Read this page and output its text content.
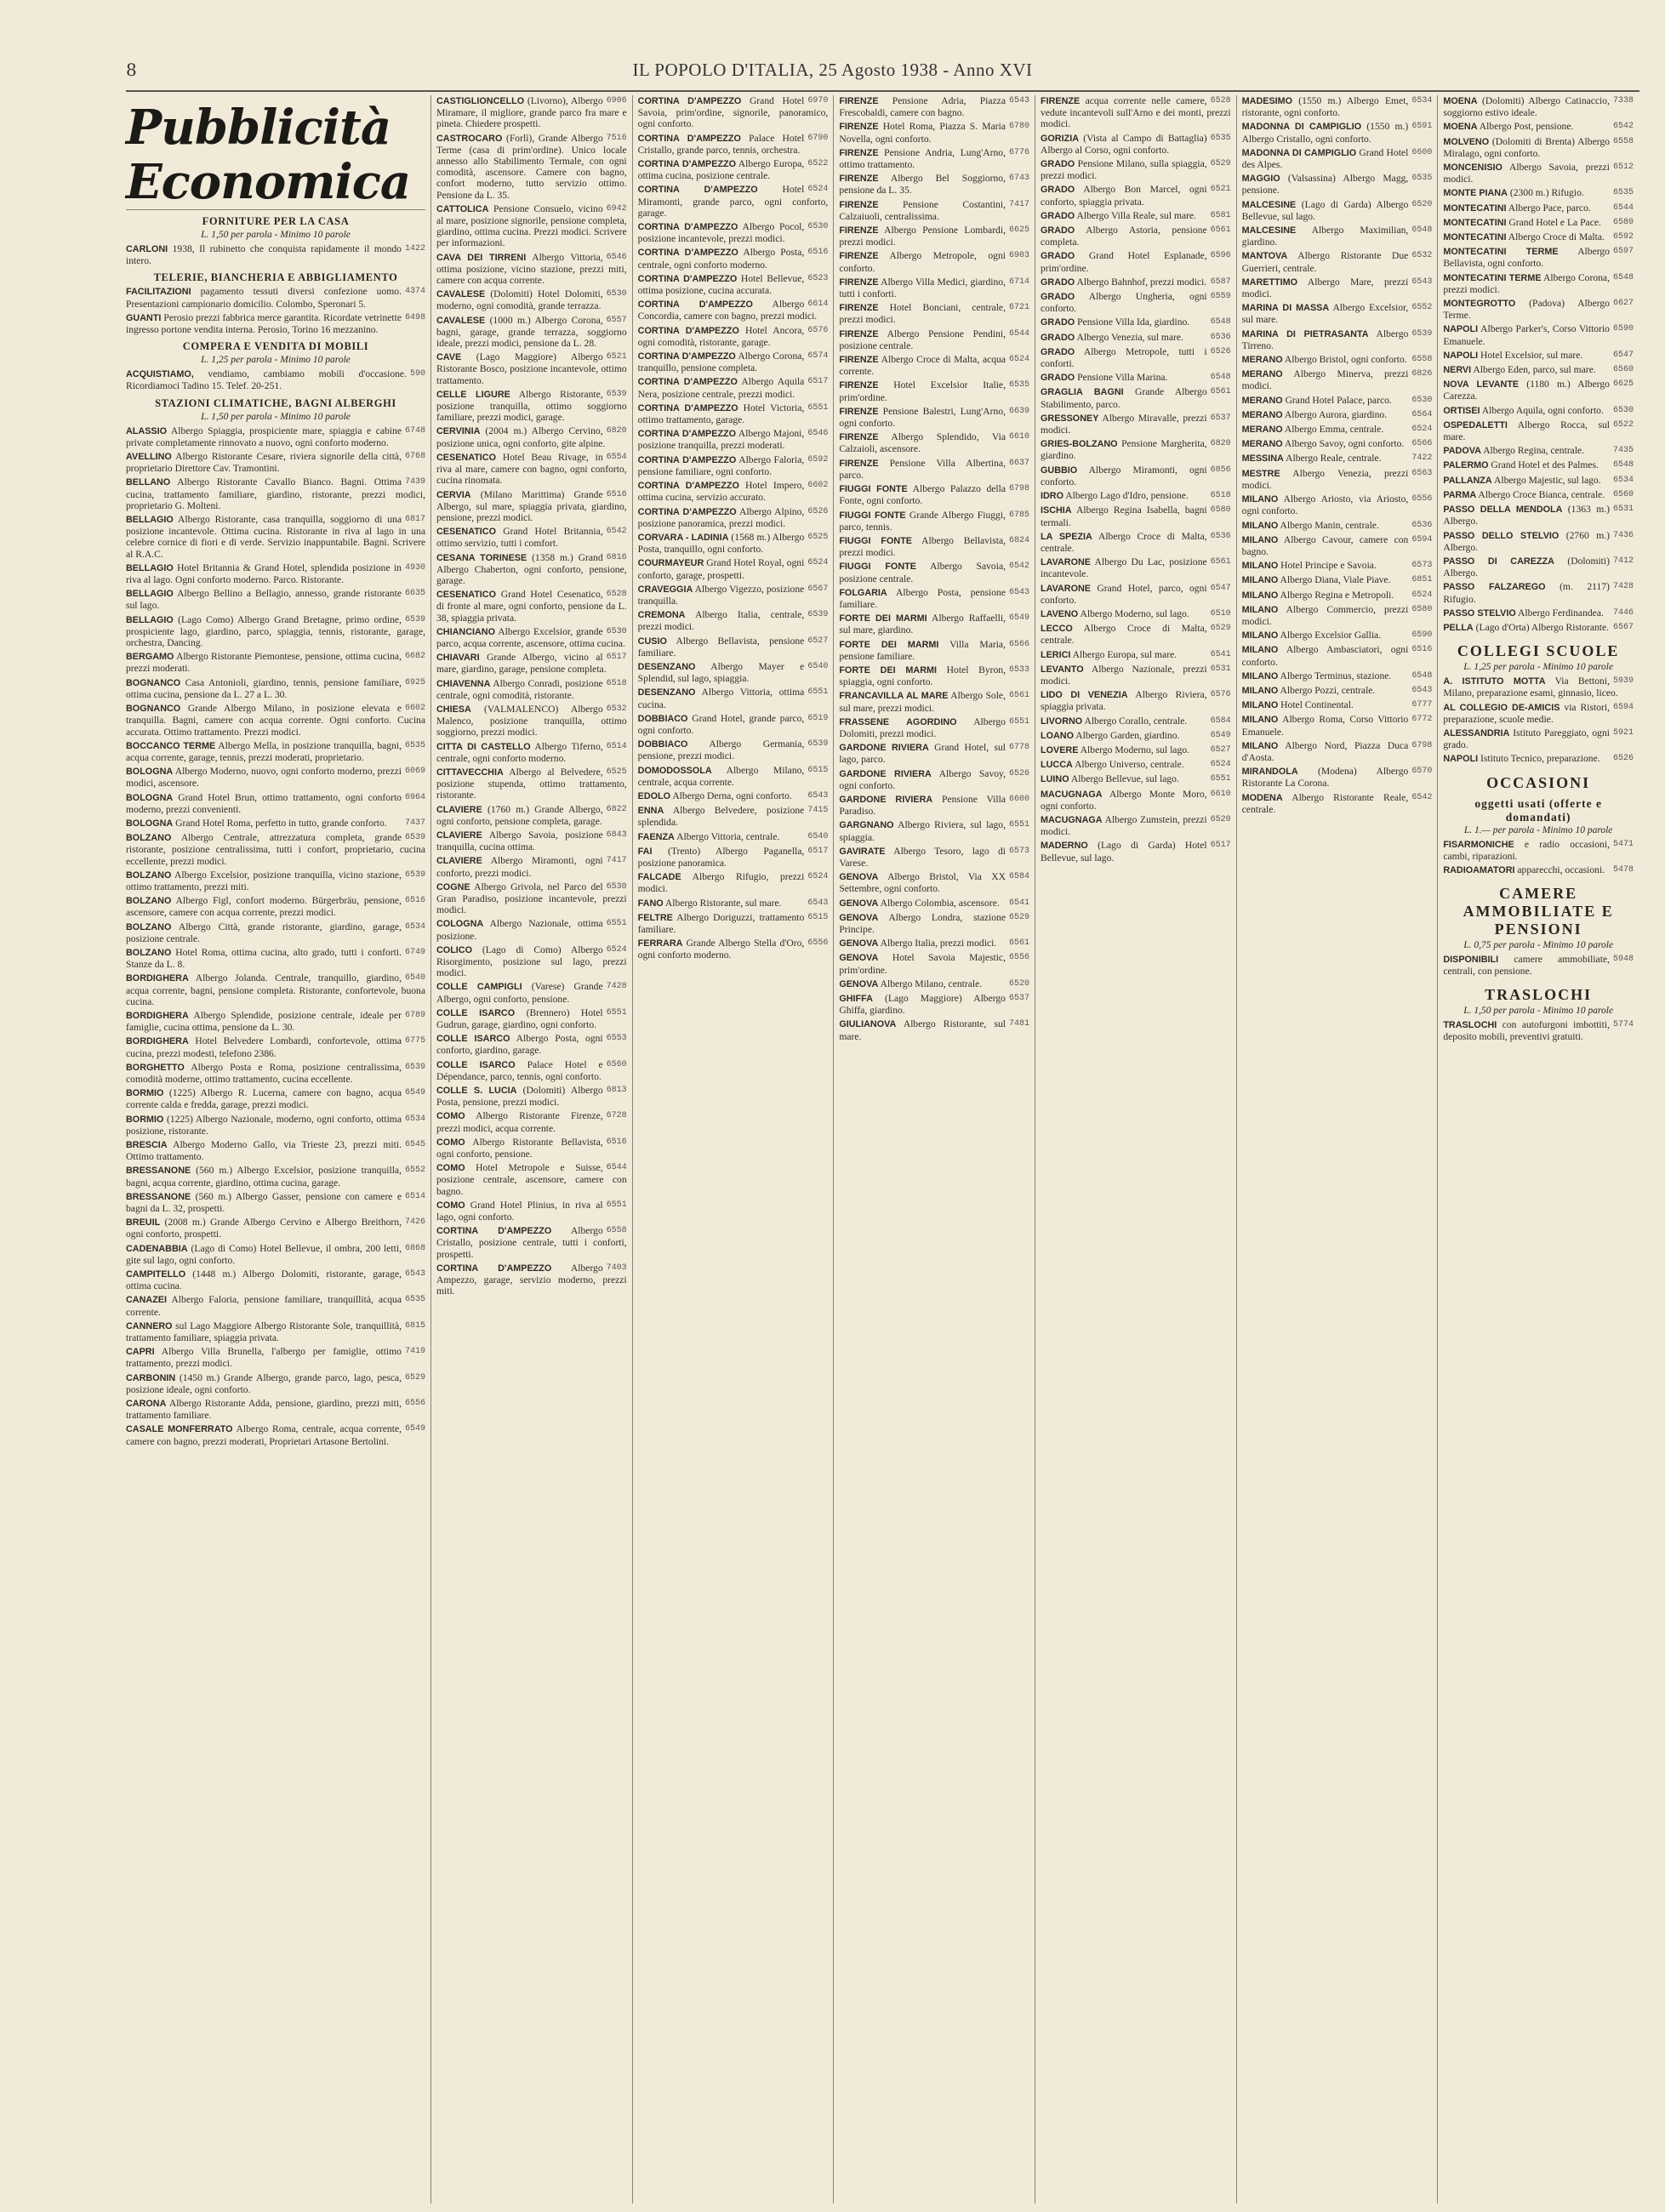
8	IL POPOLO D'ITALIA, 25 Agosto 1938 - Anno XVI
Pubblicità Economica
FORNITURE PER LA CASA
L. 1,50 per parola - Minimo 10 parole

1422
CARLONI 1938, Il rubinetto che conquista rapidamente il mondo intero.

TELERIE, BIANCHERIA E ABBIGLIAMENTO

4374
FACILITAZIONI pagamento tessuti diversi confezione uomo. Presentazioni campionario domicilio. Colombo, Speronari 5.

6498
GUANTI Perosio prezzi fabbrica merce garantita. Ricordate vetrinette ingresso portone vendita interna. Perosio, Torino 16 mezzanino.

COMPERA E VENDITA DI MOBILI
L. 1,25 per parola - Minimo 10 parole

590
ACQUISTIAMO, vendiamo, cambiamo mobili d'occasione. Ricordiamoci Tadino 15. Telef. 20-251.

STAZIONI CLIMATICHE, BAGNI ALBERGHI
L. 1,50 per parola - Minimo 10 parole

6748
ALASSIO Albergo Spiaggia, prospiciente mare, spiaggia e cabine private completamente rinnovato a nuovo, ogni conforto moderno.

6768
AVELLINO Albergo Ristorante Cesare, riviera signorile della città, proprietario Direttore Cav. Tramontini.

7439
BELLANO Albergo Ristorante Cavallo Bianco. Bagni. Ottima cucina, trattamento familiare, giardino, ristorante, prezzi modici, proprietario G. Molteni.

6817
BELLAGIO Albergo Ristorante, casa tranquilla, soggiorno di una posizione incantevole. Ottima cucina. Ristorante in riva al lago in una celebre cornice di fiori e di verde. Servizio inappuntabile. Bagni. Scrivere al R.A.C.

4930
BELLAGIO Hotel Britannia & Grand Hotel, splendida posizione in riva al lago. Ogni conforto moderno. Parco. Ristorante.

6635
BELLAGIO Albergo Bellino a Bellagio, annesso, grande ristorante sul lago.

6539
BELLAGIO (Lago Como) Albergo Grand Bretagne, primo ordine, prospiciente lago, giardino, parco, spiaggia, tennis, ristorante, garage, orchestra, Dancing.

6682
BERGAMO Albergo Ristorante Piemontese, pensione, ottima cucina, prezzi moderati.

6925
BOGNANCO Casa Antonioli, giardino, tennis, pensione familiare, ottima cucina, pensione da L. 27 a L. 30.

6602
BOGNANCO Grande Albergo Milano, in posizione elevata e tranquilla. Bagni, camere con acqua corrente. Ogni conforto. Cucina accurata. Ottimo trattamento. Prezzi modici.

6535
BOCCANCO TERME Albergo Mella, in posizione tranquilla, bagni, acqua corrente, garage, tennis, prezzi moderati, proprietario.

6069
BOLOGNA Albergo Moderno, nuovo, ogni conforto moderno, prezzi modici, ascensore.

6964
BOLOGNA Grand Hotel Brun, ottimo trattamento, ogni conforto moderno, prezzi convenienti.

7437
BOLOGNA Grand Hotel Roma, perfetto in tutto, grande conforto.

6539
BOLZANO Albergo Centrale, attrezzatura completa, grande ristorante, posizione centralissima, tutti i confort, proprietario, cucina eccellente, prezzi modici.

6539
BOLZANO Albergo Excelsior, posizione tranquilla, vicino stazione, ottimo trattamento, prezzi miti.

6516
BOLZANO Albergo Figl, confort moderno. Bürgerbräu, pensione, ascensore, camere con acqua corrente, prezzi modici.

6534
BOLZANO Albergo Città, grande ristorante, giardino, garage, posizione centrale.

6749
BOLZANO Hotel Roma, ottima cucina, alto grado, tutti i conforti. Stanze da L. 8.

6540
BORDIGHERA Albergo Jolanda. Centrale, tranquillo, giardino, acqua corrente, bagni, pensione completa. Ristorante, confortevole, buona cucina.

6789
BORDIGHERA Albergo Splendide, posizione centrale, ideale per famiglie, cucina ottima, pensione da L. 30.

6775
BORDIGHERA Hotel Belvedere Lombardi, confortevole, ottima cucina, prezzi modesti, telefono 2386.

6539
BORGHETTO Albergo Posta e Roma, posizione centralissima, comodità moderne, ottimo trattamento, cucina eccellente.

6549
BORMIO (1225) Albergo R. Lucerna, camere con bagno, acqua corrente calda e fredda, garage, prezzi modici.

6534
BORMIO (1225) Albergo Nazionale, moderno, ogni conforto, ottima posizione, ristorante.

6545
BRESCIA Albergo Moderno Gallo, via Trieste 23, prezzi miti. Ottimo trattamento.

6552
BRESSANONE (560 m.) Albergo Excelsior, posizione tranquilla, bagni, acqua corrente, giardino, ottima cucina, garage.

6514
BRESSANONE (560 m.) Albergo Gasser, pensione con camere e bagni da L. 32, prospetti.

7426
BREUIL (2008 m.) Grande Albergo Cervino e Albergo Breithorn, ogni conforto, prospetti.

6868
CADENABBIA (Lago di Como) Hotel Bellevue, il ombra, 200 letti, gite sul lago, ogni conforto.

6543
CAMPITELLO (1448 m.) Albergo Dolomiti, ristorante, garage, ottima cucina.

6535
CANAZEI Albergo Faloria, pensione familiare, tranquillità, acqua corrente.

6815
CANNERO sul Lago Maggiore Albergo Ristorante Sole, tranquillità, trattamento familiare, spiaggia privata.

7419
CAPRI Albergo Villa Brunella, l'albergo per famiglie, ottimo trattamento, prezzi modici.

6529
CARBONIN (1450 m.) Grande Albergo, grande parco, lago, pesca, posizione ideale, ogni conforto.

6556
CARONA Albergo Ristorante Adda, pensione, giardino, prezzi miti, trattamento familiare.

6549
CASALE MONFERRATO Albergo Roma, centrale, acqua corrente, camere con bagno, prezzi moderati, Proprietari Artasone Bertolini.

6906
CASTIGLIONCELLO (Livorno), Albergo Miramare, il migliore, grande parco fra mare e pineta. Chiedere prospetti.

7516
CASTROCARO (Forlì), Grande Albergo Terme (casa di prim'ordine). Unico locale annesso allo Stabilimento Termale, con ogni comodità, ascensore. Camere con bagno, confort moderno, tutto servizio ottimo. Pensione da L. 35.

6942
CATTOLICA Pensione Consuelo, vicino al mare, posizione signorile, pensione completa, giardino, ottima cucina. Prezzi modici. Scrivere per informazioni.

6546
CAVA DEI TIRRENI Albergo Vittoria, ottima posizione, vicino stazione, prezzi miti, camere con acqua corrente.

6530
CAVALESE (Dolomiti) Hotel Dolomiti, moderno, ogni comodità, grande terrazza.

6557
CAVALESE (1000 m.) Albergo Corona, bagni, garage, grande terrazza, soggiorno ideale, prezzi modici, pensione da L. 28.

6521
CAVE (Lago Maggiore) Albergo Ristorante Bosco, posizione incantevole, ottimo trattamento.

6539
CELLE LIGURE Albergo Ristorante, posizione tranquilla, ottimo soggiorno familiare, prezzi modici, garage.

6820
CERVINIA (2004 m.) Albergo Cervino, posizione unica, ogni conforto, gite alpine.

6554
CESENATICO Hotel Beau Rivage, in riva al mare, camere con bagno, ogni conforto, cucina rinomata.

6516
CERVIA (Milano Marittima) Grande Albergo, sul mare, spiaggia privata, giardino, pensione, prezzi modici.

6542
CESENATICO Grand Hotel Britannia, ottimo servizio, tutti i comfort.

6816
CESANA TORINESE (1358 m.) Grand Albergo Chaberton, ogni conforto, pensione, garage.

6528
CESENATICO Grand Hotel Cesenatico, di fronte al mare, ogni conforto, pensione da L. 38, spiaggia privata.

6530
CHIANCIANO Albergo Excelsior, grande parco, acqua corrente, ascensore, ottima cucina.

6517
CHIAVARI Grande Albergo, vicino al mare, giardino, garage, pensione completa.

6518
CHIAVENNA Albergo Conradi, posizione centrale, ogni comodità, ristorante.

6532
CHIESA (VALMALENCO) Albergo Malenco, posizione tranquilla, ottimo soggiorno, prezzi modici.

6514
CITTA DI CASTELLO Albergo Tiferno, centrale, ogni conforto moderno.

6525
CITTAVECCHIA Albergo al Belvedere, posizione stupenda, ottimo trattamento, ristorante.

6822
CLAVIERE (1760 m.) Grande Albergo, ogni conforto, pensione completa, garage.

6843
CLAVIERE Albergo Savoia, posizione tranquilla, cucina ottima.

7417
CLAVIERE Albergo Miramonti, ogni conforto, prezzi modici.

6530
COGNE Albergo Grivola, nel Parco del Gran Paradiso, posizione incantevole, prezzi modici.

6551
COLOGNA Albergo Nazionale, ottima posizione.

6524
COLICO (Lago di Como) Albergo Risorgimento, posizione sul lago, prezzi modici.

7428
COLLE CAMPIGLI (Varese) Grande Albergo, ogni conforto, pensione.

6551
COLLE ISARCO (Brennero) Hotel Gudrun, garage, giardino, ogni conforto.

6553
COLLE ISARCO Albergo Posta, ogni conforto, giardino, garage.

6560
COLLE ISARCO Palace Hotel e Dépendance, parco, tennis, ogni conforto.

6813
COLLE S. LUCIA (Dolomiti) Albergo Posta, pensione, prezzi modici.

6728
COMO Albergo Ristorante Firenze, prezzi modici, acqua corrente.

6516
COMO Albergo Ristorante Bellavista, ogni conforto, pensione.

6544
COMO Hotel Metropole e Suisse, posizione centrale, ascensore, camere con bagno.

6551
COMO Grand Hotel Plinius, in riva al lago, ogni conforto.

6558
CORTINA D'AMPEZZO Albergo Cristallo, posizione centrale, tutti i conforti, prospetti.

7403
CORTINA D'AMPEZZO Albergo Ampezzo, garage, servizio moderno, prezzi miti.

6970
CORTINA D'AMPEZZO Grand Hotel Savoia, prim'ordine, signorile, panoramico, ogni conforto.

6790
CORTINA D'AMPEZZO Palace Hotel Cristallo, grande parco, tennis, orchestra.

6522
CORTINA D'AMPEZZO Albergo Europa, ottima cucina, posizione centrale.

6524
CORTINA D'AMPEZZO Hotel Miramonti, grande parco, ogni conforto, garage.

6530
CORTINA D'AMPEZZO Albergo Pocol, posizione incantevole, prezzi modici.

6516
CORTINA D'AMPEZZO Albergo Posta, centrale, ogni conforto moderno.

6523
CORTINA D'AMPEZZO Hotel Bellevue, ottima posizione, cucina accurata.

6614
CORTINA D'AMPEZZO Albergo Concordia, camere con bagno, prezzi modici.

6576
CORTINA D'AMPEZZO Hotel Ancora, ogni comodità, ristorante, garage.

6574
CORTINA D'AMPEZZO Albergo Corona, tranquillo, pensione completa.

6517
CORTINA D'AMPEZZO Albergo Aquila Nera, posizione centrale, prezzi modici.

6551
CORTINA D'AMPEZZO Hotel Victoria, ottimo trattamento, garage.

6546
CORTINA D'AMPEZZO Albergo Majoni, posizione tranquilla, prezzi moderati.

6592
CORTINA D'AMPEZZO Albergo Faloria, pensione familiare, ogni conforto.

6602
CORTINA D'AMPEZZO Hotel Impero, ottima cucina, servizio accurato.

6526
CORTINA D'AMPEZZO Albergo Alpino, posizione panoramica, prezzi modici.

6525
CORVARA - LADINIA (1568 m.) Albergo Posta, tranquillo, ogni conforto.

6524
COURMAYEUR Grand Hotel Royal, ogni conforto, garage, prospetti.

6567
CRAVEGGIA Albergo Vigezzo, posizione tranquilla.

6539
CREMONA Albergo Italia, centrale, prezzi modici.

6527
CUSIO Albergo Bellavista, pensione familiare.

6540
DESENZANO Albergo Mayer e Splendid, sul lago, spiaggia.

6551
DESENZANO Albergo Vittoria, ottima cucina.

6519
DOBBIACO Grand Hotel, grande parco, ogni conforto.

6539
DOBBIACO Albergo Germania, pensione, prezzi modici.

6515
DOMODOSSOLA Albergo Milano, centrale, acqua corrente.

6543
EDOLO Albergo Derna, ogni conforto.

7415
ENNA Albergo Belvedere, posizione splendida.

6540
FAENZA Albergo Vittoria, centrale.

6517
FAI (Trento) Albergo Paganella, posizione panoramica.

6524
FALCADE Albergo Rifugio, prezzi modici.

6543
FANO Albergo Ristorante, sul mare.

6515
FELTRE Albergo Doriguzzi, trattamento familiare.

6556
FERRARA Grande Albergo Stella d'Oro, ogni conforto moderno.

6543
FIRENZE Pensione Adria, Piazza Frescobaldi, camere con bagno.

6780
FIRENZE Hotel Roma, Piazza S. Maria Novella, ogni conforto.

6776
FIRENZE Pensione Andria, Lung'Arno, ottimo trattamento.

6743
FIRENZE Albergo Bel Soggiorno, pensione da L. 35.

7417
FIRENZE Pensione Costantini, Calzaiuoli, centralissima.

6625
FIRENZE Albergo Pensione Lombardi, prezzi modici.

6903
FIRENZE Albergo Metropole, ogni conforto.

6714
FIRENZE Albergo Villa Medici, giardino, tutti i conforti.

6721
FIRENZE Hotel Bonciani, centrale, prezzi modici.

6544
FIRENZE Albergo Pensione Pendini, posizione centrale.

6524
FIRENZE Albergo Croce di Malta, acqua corrente.

6535
FIRENZE Hotel Excelsior Italie, prim'ordine.

6639
FIRENZE Pensione Balestri, Lung'Arno, ogni conforto.

6610
FIRENZE Albergo Splendido, Via Calzaioli, ascensore.

6637
FIRENZE Pensione Villa Albertina, parco.

6798
FIUGGI FONTE Albergo Palazzo della Fonte, ogni conforto.

6785
FIUGGI FONTE Grande Albergo Fiuggi, parco, tennis.

6824
FIUGGI FONTE Albergo Bellavista, prezzi modici.

6542
FIUGGI FONTE Albergo Savoia, posizione centrale.

6543
FOLGARIA Albergo Posta, pensione familiare.

6549
FORTE DEI MARMI Albergo Raffaelli, sul mare, giardino.

6566
FORTE DEI MARMI Villa Maria, pensione familiare.

6533
FORTE DEI MARMI Hotel Byron, spiaggia, ogni conforto.

6561
FRANCAVILLA AL MARE Albergo Sole, sul mare, prezzi modici.

6551
FRASSENE AGORDINO Albergo Dolomiti, prezzi modici.

6778
GARDONE RIVIERA Grand Hotel, sul lago, parco.

6526
GARDONE RIVIERA Albergo Savoy, ogni conforto.

6600
GARDONE RIVIERA Pensione Villa Paradiso.

6551
GARGNANO Albergo Riviera, sul lago, spiaggia.

6573
GAVIRATE Albergo Tesoro, lago di Varese.

6584
GENOVA Albergo Bristol, Via XX Settembre, ogni conforto.

6541
GENOVA Albergo Colombia, ascensore.

6529
GENOVA Albergo Londra, stazione Principe.

6561
GENOVA Albergo Italia, prezzi modici.

6556
GENOVA Hotel Savoia Majestic, prim'ordine.

6520
GENOVA Albergo Milano, centrale.

6537
GHIFFA (Lago Maggiore) Albergo Ghiffa, giardino.

7481
GIULIANOVA Albergo Ristorante, sul mare.

6528
FIRENZE acqua corrente nelle camere, vedute incantevoli sull'Arno e dei monti, prezzi modici.

6535
GORIZIA (Vista al Campo di Battaglia) Albergo al Corso, ogni conforto.

6529
GRADO Pensione Milano, sulla spiaggia, prezzi modici.

6521
GRADO Albergo Bon Marcel, ogni conforto, spiaggia privata.

6581
GRADO Albergo Villa Reale, sul mare.

6561
GRADO Albergo Astoria, pensione completa.

6596
GRADO Grand Hotel Esplanade, prim'ordine.

6587
GRADO Albergo Bahnhof, prezzi modici.

6559
GRADO Albergo Ungheria, ogni conforto.

6548
GRADO Pensione Villa Ida, giardino.

6536
GRADO Albergo Venezia, sul mare.

6526
GRADO Albergo Metropole, tutti i conforti.

6548
GRADO Pensione Villa Marina.

6561
GRAGLIA BAGNI Grande Albergo Stabilimento, parco.

6537
GRESSONEY Albergo Miravalle, prezzi modici.

6820
GRIES-BOLZANO Pensione Margherita, giardino.

6856
GUBBIO Albergo Miramonti, ogni conforto.

6518
IDRO Albergo Lago d'Idro, pensione.

6580
ISCHIA Albergo Regina Isabella, bagni termali.

6536
LA SPEZIA Albergo Croce di Malta, centrale.

6561
LAVARONE Albergo Du Lac, posizione incantevole.

6547
LAVARONE Grand Hotel, parco, ogni conforto.

6510
LAVENO Albergo Moderno, sul lago.

6529
LECCO Albergo Croce di Malta, centrale.

6541
LERICI Albergo Europa, sul mare.

6531
LEVANTO Albergo Nazionale, prezzi modici.

6576
LIDO DI VENEZIA Albergo Riviera, spiaggia privata.

6584
LIVORNO Albergo Corallo, centrale.

6549
LOANO Albergo Garden, giardino.

6527
LOVERE Albergo Moderno, sul lago.

6524
LUCCA Albergo Universo, centrale.

6551
LUINO Albergo Bellevue, sul lago.

6610
MACUGNAGA Albergo Monte Moro, ogni conforto.

6520
MACUGNAGA Albergo Zumstein, prezzi modici.

6517
MADERNO (Lago di Garda) Hotel Bellevue, sul lago.

6534
MADESIMO (1550 m.) Albergo Emet, ristorante, ogni conforto.

6591
MADONNA DI CAMPIGLIO (1550 m.) Albergo Cristallo, ogni conforto.

6600
MADONNA DI CAMPIGLIO Grand Hotel des Alpes.

6535
MAGGIO (Valsassina) Albergo Magg, pensione.

6520
MALCESINE (Lago di Garda) Albergo Bellevue, sul lago.

6548
MALCESINE Albergo Maximilian, giardino.

6532
MANTOVA Albergo Ristorante Due Guerrieri, centrale.

6543
MARETTIMO Albergo Mare, prezzi modici.

6552
MARINA DI MASSA Albergo Excelsior, sul mare.

6539
MARINA DI PIETRASANTA Albergo Tirreno.

6558
MERANO Albergo Bristol, ogni conforto.

6826
MERANO Albergo Minerva, prezzi modici.

6530
MERANO Grand Hotel Palace, parco.

6564
MERANO Albergo Aurora, giardino.

6524
MERANO Albergo Emma, centrale.

6566
MERANO Albergo Savoy, ogni conforto.

7422
MESSINA Albergo Reale, centrale.

6563
MESTRE Albergo Venezia, prezzi modici.

6556
MILANO Albergo Ariosto, via Ariosto, ogni conforto.

6536
MILANO Albergo Manin, centrale.

6594
MILANO Albergo Cavour, camere con bagno.

6573
MILANO Hotel Principe e Savoia.

6851
MILANO Albergo Diana, Viale Piave.

6524
MILANO Albergo Regina e Metropoli.

6580
MILANO Albergo Commercio, prezzi modici.

6590
MILANO Albergo Excelsior Gallia.

6516
MILANO Albergo Ambasciatori, ogni conforto.

6548
MILANO Albergo Terminus, stazione.

6543
MILANO Albergo Pozzi, centrale.

6777
MILANO Hotel Continental.

6772
MILANO Albergo Roma, Corso Vittorio Emanuele.

6798
MILANO Albergo Nord, Piazza Duca d'Aosta.

6570
MIRANDOLA (Modena) Albergo Ristorante La Corona.

6542
MODENA Albergo Ristorante Reale, centrale.

7338
MOENA (Dolomiti) Albergo Catinaccio, soggiorno estivo ideale.

6542
MOENA Albergo Post, pensione.

6558
MOLVENO (Dolomiti di Brenta) Albergo Miralago, ogni conforto.

6512
MONCENISIO Albergo Savoia, prezzi modici.

6535
MONTE PIANA (2300 m.) Rifugio.

6544
MONTECATINI Albergo Pace, parco.

6580
MONTECATINI Grand Hotel e La Pace.

6592
MONTECATINI Albergo Croce di Malta.

6597
MONTECATINI TERME Albergo Bellavista, ogni conforto.

6548
MONTECATINI TERME Albergo Corona, prezzi modici.

6627
MONTEGROTTO (Padova) Albergo Terme.

6590
NAPOLI Albergo Parker's, Corso Vittorio Emanuele.

6547
NAPOLI Hotel Excelsior, sul mare.

6560
NERVI Albergo Eden, parco, sul mare.

6625
NOVA LEVANTE (1180 m.) Albergo Carezza.

6530
ORTISEI Albergo Aquila, ogni conforto.

6522
OSPEDALETTI Albergo Rocca, sul mare.

7435
PADOVA Albergo Regina, centrale.

6548
PALERMO Grand Hotel et des Palmes.

6534
PALLANZA Albergo Majestic, sul lago.

6560
PARMA Albergo Croce Bianca, centrale.

6531
PASSO DELLA MENDOLA (1363 m.) Albergo.

7436
PASSO DELLO STELVIO (2760 m.) Albergo.

7412
PASSO DI CAREZZA (Dolomiti) Albergo.

7428
PASSO FALZAREGO (m. 2117) Rifugio.

7446
PASSO STELVIO Albergo Ferdinandea.

6567
PELLA (Lago d'Orta) Albergo Ristorante.

COLLEGI SCUOLE
L. 1,25 per parola - Minimo 10 parole

5939
A. ISTITUTO MOTTA Via Bettoni, Milano, preparazione esami, ginnasio, liceo.

6594
AL COLLEGIO DE-AMICIS via Ristori, preparazione, scuole medie.

5921
ALESSANDRIA Istituto Pareggiato, ogni grado.

6526
NAPOLI Istituto Tecnico, preparazione.

OCCASIONI
oggetti usati (offerte e domandati)
L. 1.— per parola - Minimo 10 parole

5471
FISARMONICHE e radio occasioni, cambi, riparazioni.

5478
RADIOAMATORI apparecchi, occasioni.

CAMERE AMMOBILIATE E PENSIONI
L. 0,75 per parola - Minimo 10 parole

5948
DISPONIBILI camere ammobiliate, centrali, con pensione.

TRASLOCHI
L. 1,50 per parola - Minimo 10 parole

5774
TRASLOCHI con autofurgoni imbottiti, deposito mobili, preventivi gratuiti.
